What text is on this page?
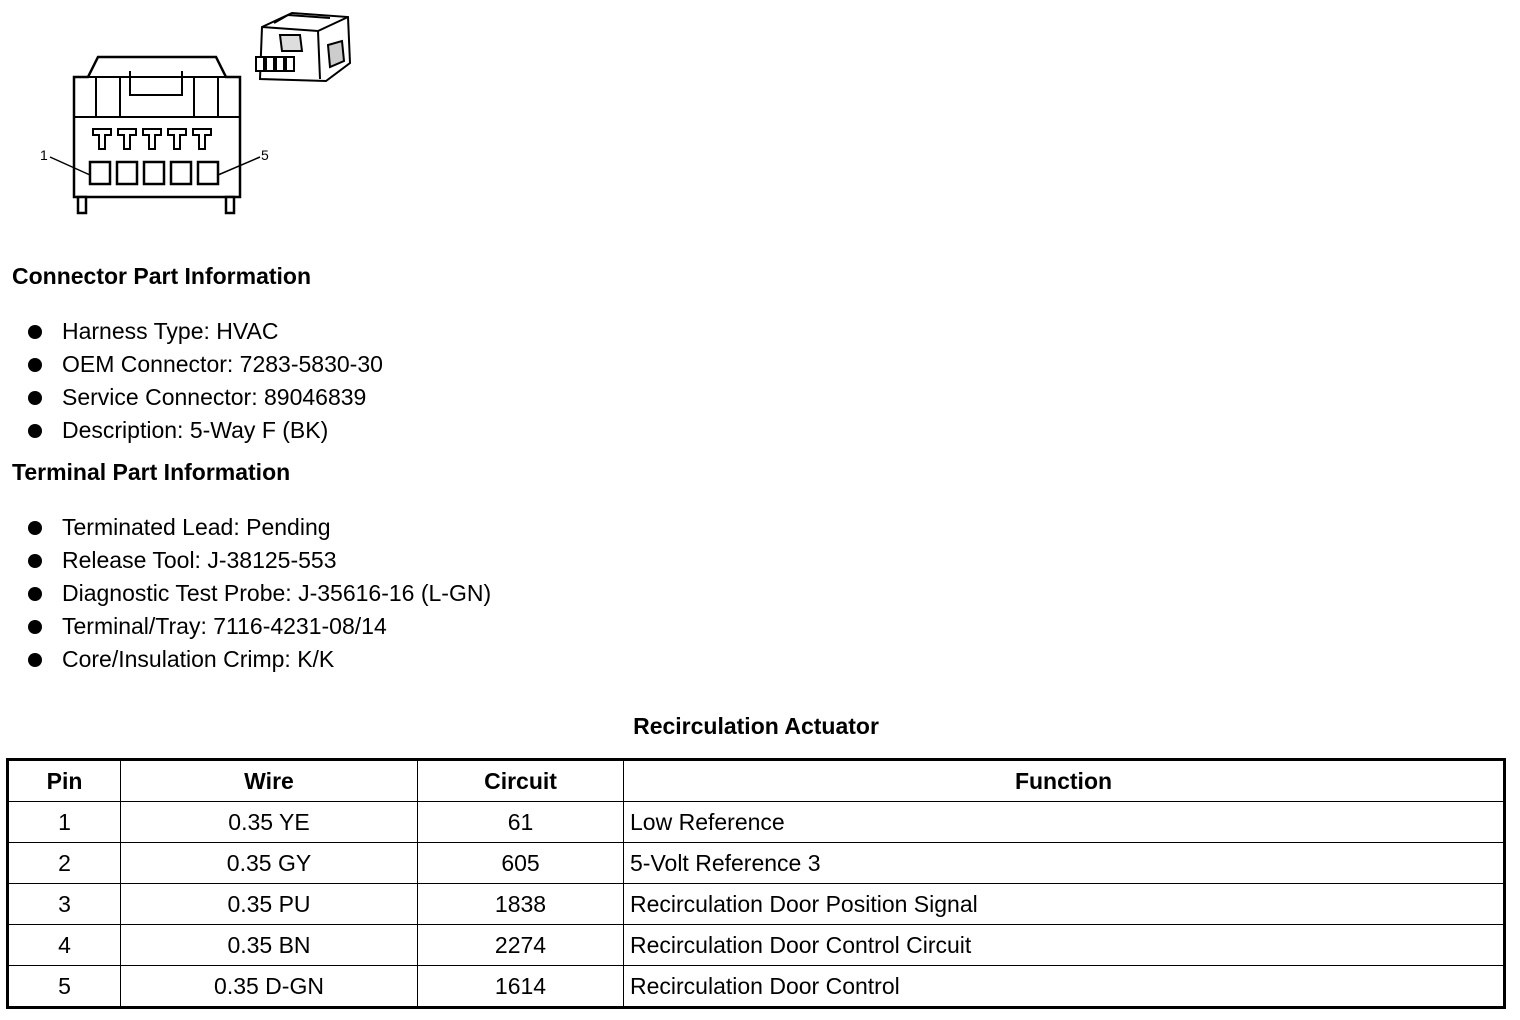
1	5
Connector Part Information
Harness Type: HVAC
OEM Connector: 7283-5830-30
Service Connector: 89046839
Description: 5-Way F (BK)
Terminal Part Information
Terminated Lead: Pending
Release Tool: J-38125-553
Diagnostic Test Probe: J-35616-16 (L-GN)
Terminal/Tray: 7116-4231-08/14
Core/Insulation Crimp: K/K
Recirculation Actuator
Pin	Wire	Circuit	Function
1	0.35 YE	61	Low Reference
2	0.35 GY	605	5-Volt Reference 3
3	0.35 PU	1838	Recirculation Door Position Signal
4	0.35 BN	2274	Recirculation Door Control Circuit
5	0.35 D-GN	1614	Recirculation Door Control
